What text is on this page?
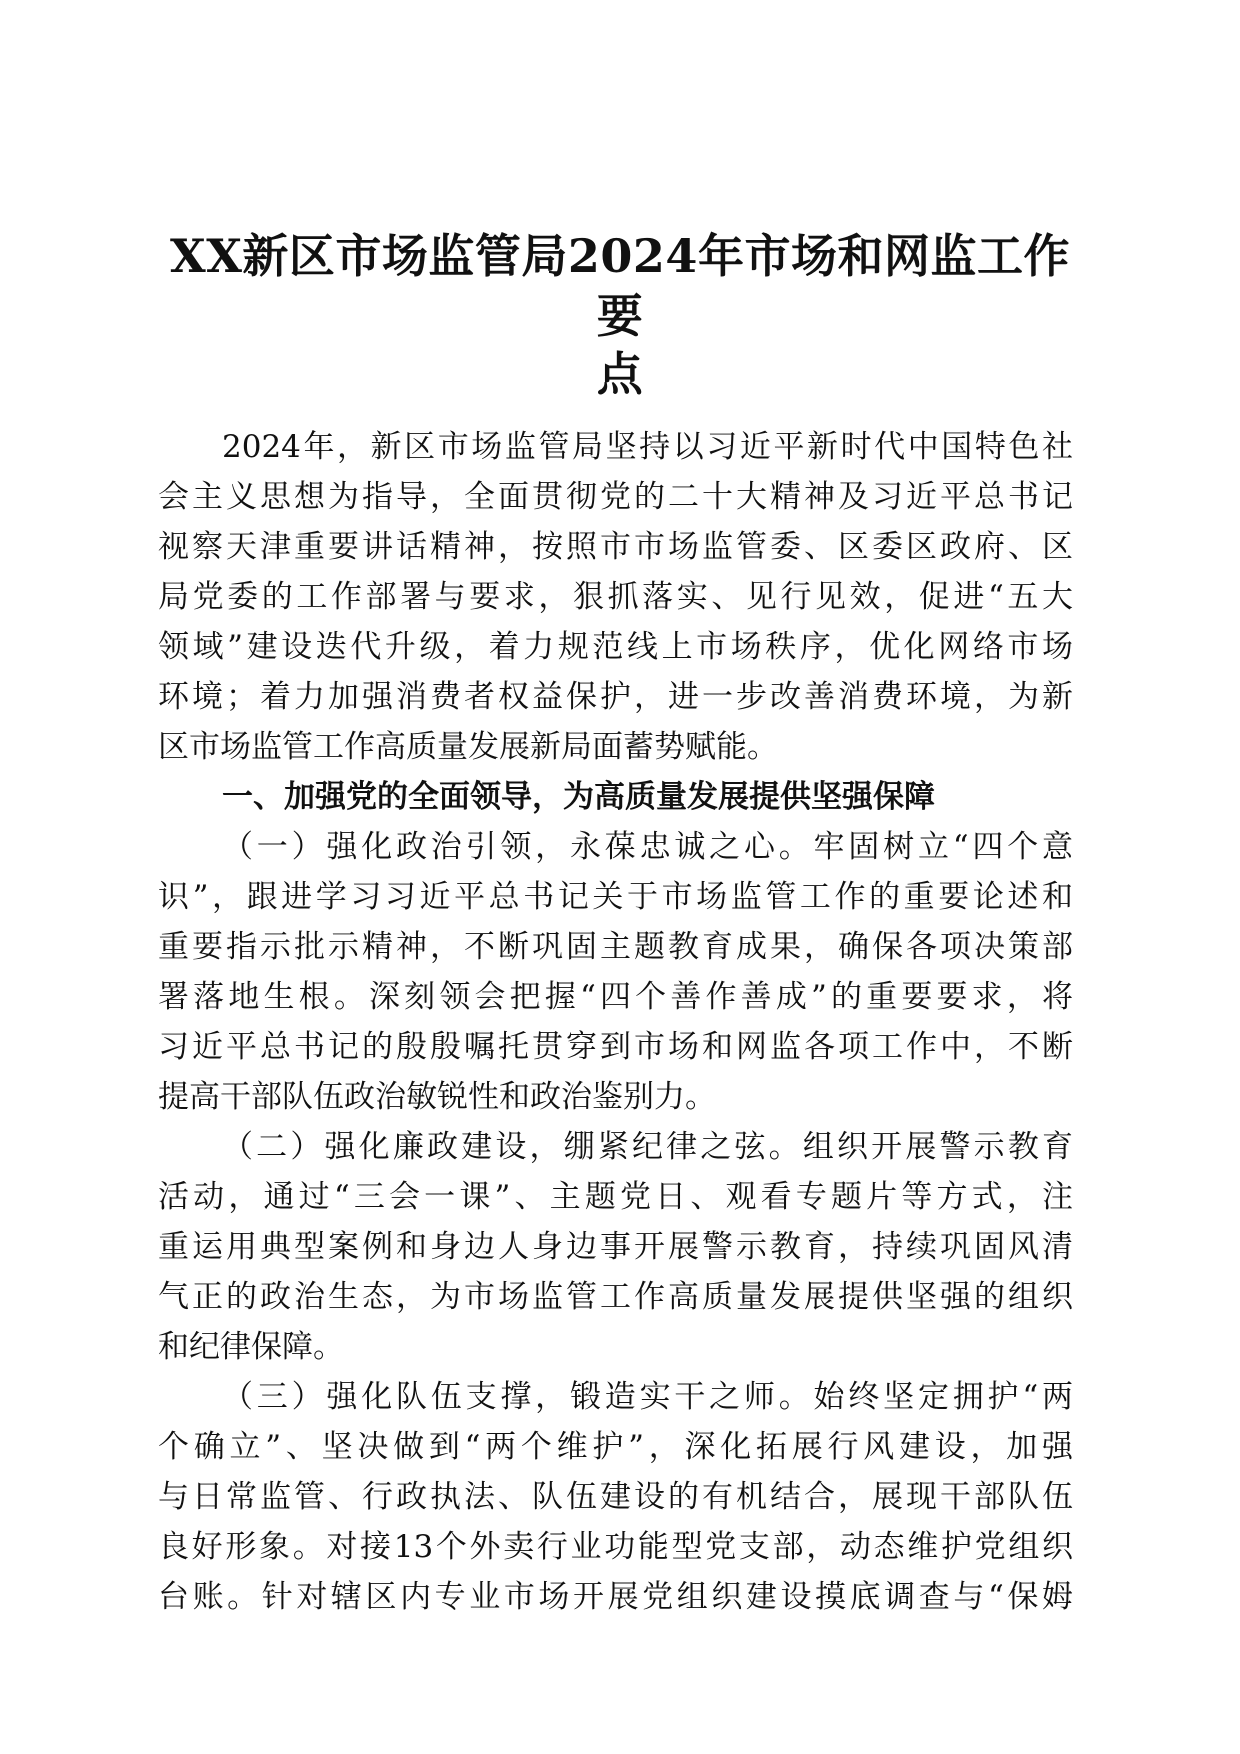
XX新区市场监管局2024年市场和网监工作要
点

2024年，新区市场监管局坚持以习近平新时代中国特色社

会主义思想为指导，全面贯彻党的二十大精神及习近平总书记

视察天津重要讲话精神，按照市市场监管委、区委区政府、区

局党委的工作部署与要求，狠抓落实、见行见效，促进“五大

领域”建设迭代升级，着力规范线上市场秩序，优化网络市场

环境；着力加强消费者权益保护，进一步改善消费环境，为新

区市场监管工作高质量发展新局面蓄势赋能。

一、加强党的全面领导，为高质量发展提供坚强保障

（一）强化政治引领，永葆忠诚之心。牢固树立“四个意

识”，跟进学习习近平总书记关于市场监管工作的重要论述和

重要指示批示精神，不断巩固主题教育成果，确保各项决策部

署落地生根。深刻领会把握“四个善作善成”的重要要求，将

习近平总书记的殷殷嘱托贯穿到市场和网监各项工作中，不断

提高干部队伍政治敏锐性和政治鉴别力。

（二）强化廉政建设，绷紧纪律之弦。组织开展警示教育

活动，通过“三会一课”、主题党日、观看专题片等方式，注

重运用典型案例和身边人身边事开展警示教育，持续巩固风清

气正的政治生态，为市场监管工作高质量发展提供坚强的组织

和纪律保障。

（三）强化队伍支撑，锻造实干之师。始终坚定拥护“两

个确立”、坚决做到“两个维护”，深化拓展行风建设，加强

与日常监管、行政执法、队伍建设的有机结合，展现干部队伍

良好形象。对接13个外卖行业功能型党支部，动态维护党组织

台账。针对辖区内专业市场开展党组织建设摸底调查与“保姆
